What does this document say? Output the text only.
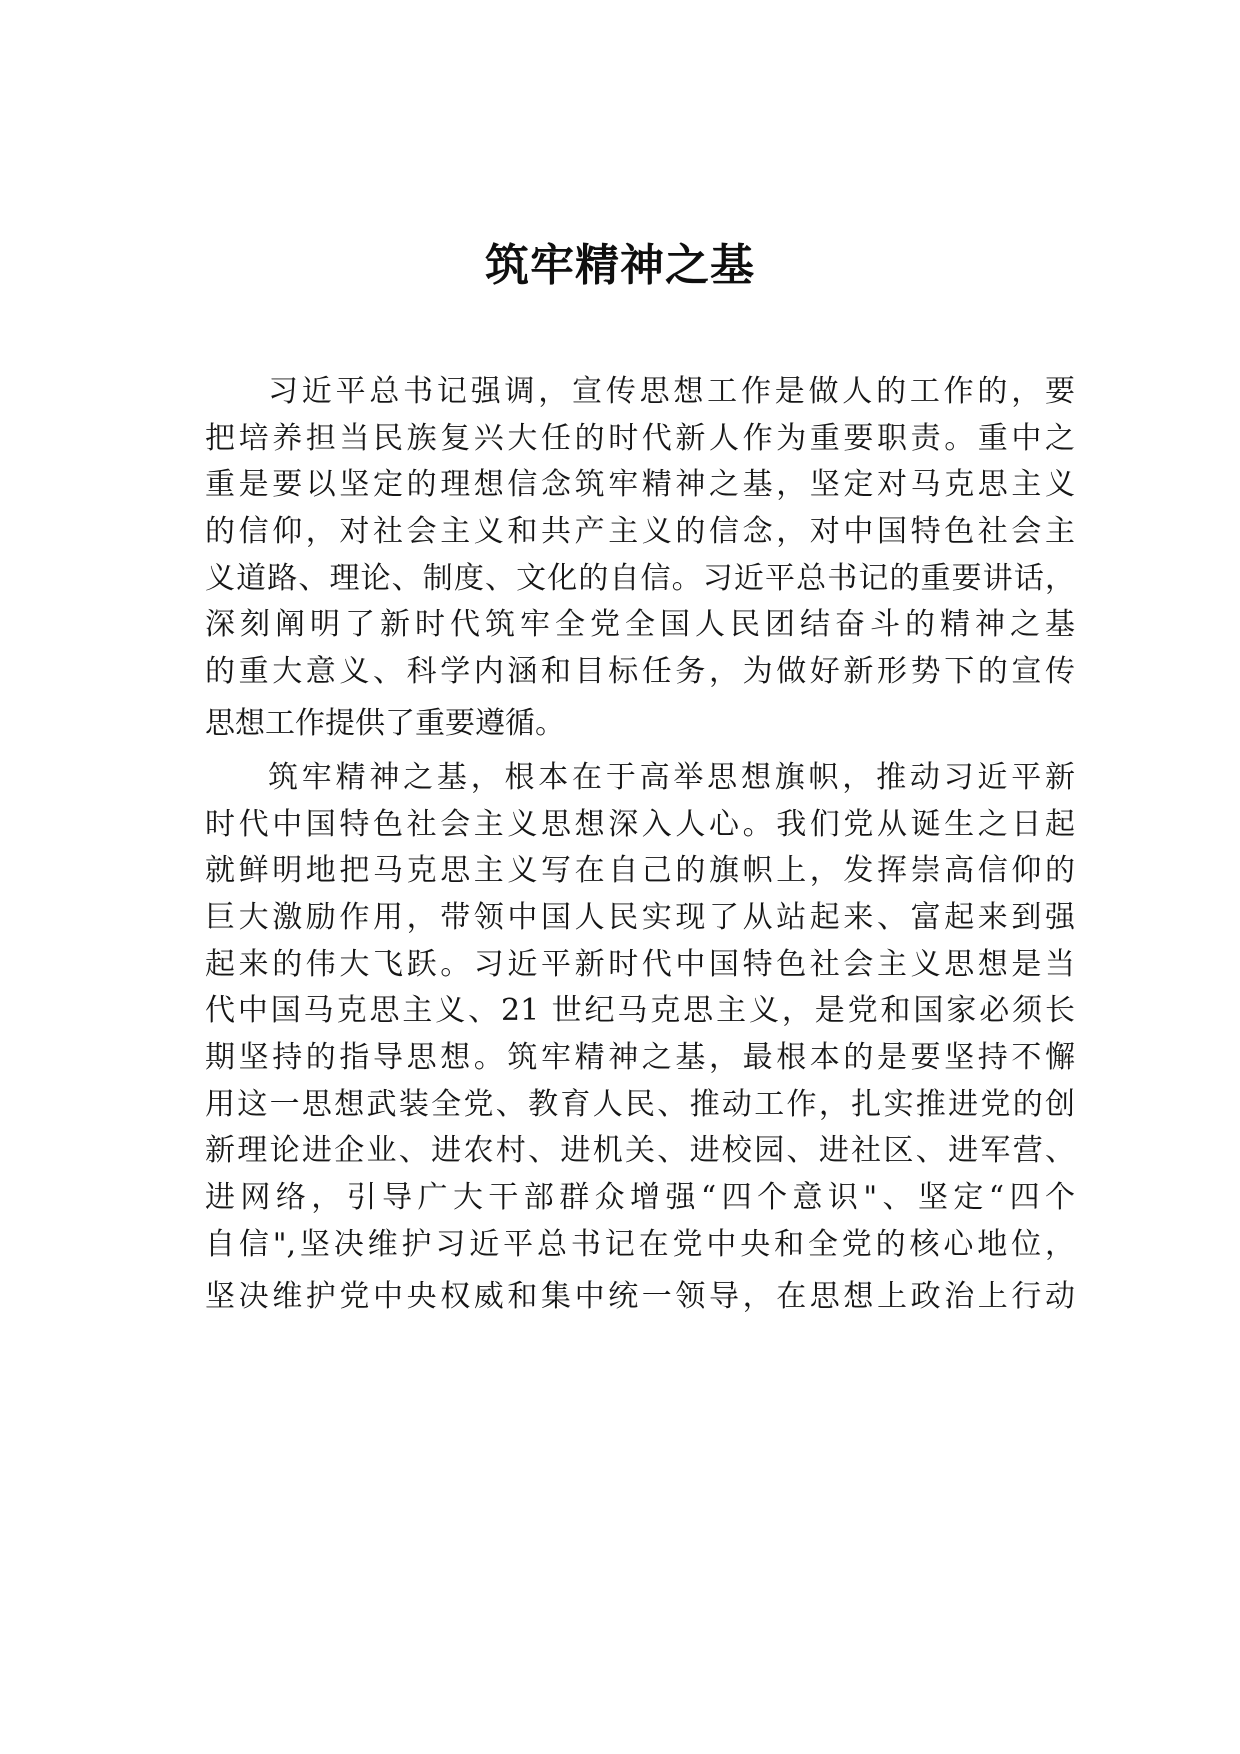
筑牢精神之基
习近平总书记强调，宣传思想工作是做人的工作的，要
把培养担当民族复兴大任的时代新人作为重要职责。重中之
重是要以坚定的理想信念筑牢精神之基，坚定对马克思主义
的信仰，对社会主义和共产主义的信念，对中国特色社会主
义道路、理论、制度、文化的自信。习近平总书记的重要讲话，
深刻阐明了新时代筑牢全党全国人民团结奋斗的精神之基
的重大意义、科学内涵和目标任务，为做好新形势下的宣传
思想工作提供了重要遵循。
筑牢精神之基，根本在于高举思想旗帜，推动习近平新
时代中国特色社会主义思想深入人心。我们党从诞生之日起
就鲜明地把马克思主义写在自己的旗帜上，发挥崇高信仰的
巨大激励作用，带领中国人民实现了从站起来、富起来到强
起来的伟大飞跃。习近平新时代中国特色社会主义思想是当
代中国马克思主义、21 世纪马克思主义，是党和国家必须长
期坚持的指导思想。筑牢精神之基，最根本的是要坚持不懈
用这一思想武装全党、教育人民、推动工作，扎实推进党的创
新理论进企业、进农村、进机关、进校园、进社区、进军营、
进网络，引导广大干部群众增强“四个意识"、坚定“四个
自信",坚决维护习近平总书记在党中央和全党的核心地位，
坚决维护党中央权威和集中统一领导，在思想上政治上行动
